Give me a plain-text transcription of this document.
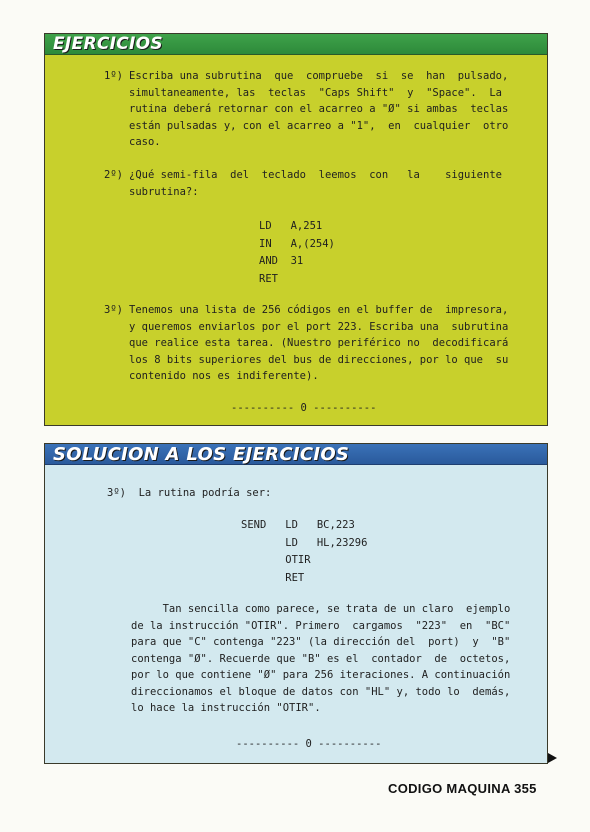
EJERCICIOS
1º) Escriba una subrutina  que  compruebe  si  se  han  pulsado,
simultaneamente, las  teclas  "Caps Shift"  y  "Space".  La
rutina deberá retornar con el acarreo a "Ø" si ambas  teclas
están pulsadas y, con el acarreo a "1",  en  cualquier  otro
caso.
2º) ¿Qué semi-fila  del  teclado  leemos  con   la    siguiente
subrutina?:
LD   A,251
IN   A,(254)
AND  31
RET
3º) Tenemos una lista de 256 códigos en el buffer de  impresora,
y queremos enviarlos por el port 223. Escriba una  subrutina
que realice esta tarea. (Nuestro periférico no  decodificará
los 8 bits superiores del bus de direcciones, por lo que  su
contenido nos es indiferente).
---------- 0 ----------
SOLUCION A LOS EJERCICIOS
3º)  La rutina podría ser:
SEND   LD   BC,223
LD   HL,23296
OTIR
RET
Tan sencilla como parece, se trata de un claro  ejemplo
de la instrucción "OTIR". Primero  cargamos  "223"  en  "BC"
para que "C" contenga "223" (la dirección del  port)  y  "B"
contenga "Ø". Recuerde que "B" es el  contador  de  octetos,
por lo que contiene "Ø" para 256 iteraciones. A continuación
direccionamos el bloque de datos con "HL" y, todo lo  demás,
lo hace la instrucción "OTIR".
---------- 0 ----------
CODIGO MAQUINA 355
